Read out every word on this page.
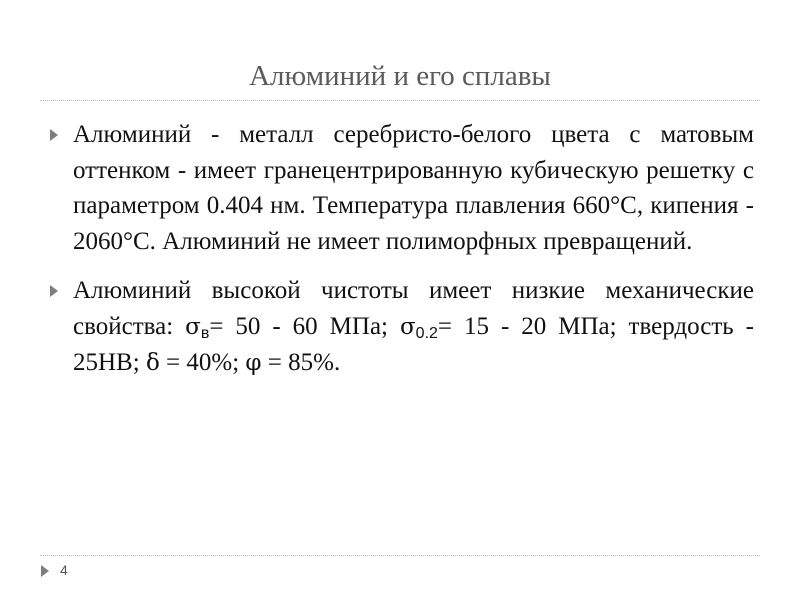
Алюминий и его сплавы
Алюминий - металл серебристо-белого цвета с матовым оттенком - имеет гранецентрированную кубическую решетку с параметром 0.404 нм. Температура плавления 660°С, кипения - 2060°С. Алюминий не имеет полиморфных превращений.
Алюминий высокой чистоты имеет низкие механические свойства: $\sigma_в= 50 - 60$ МПа; $\sigma_{0.2}= 15 - 20$ МПа; твердость - 25НВ; δ = 40%; φ = 85%.
4
